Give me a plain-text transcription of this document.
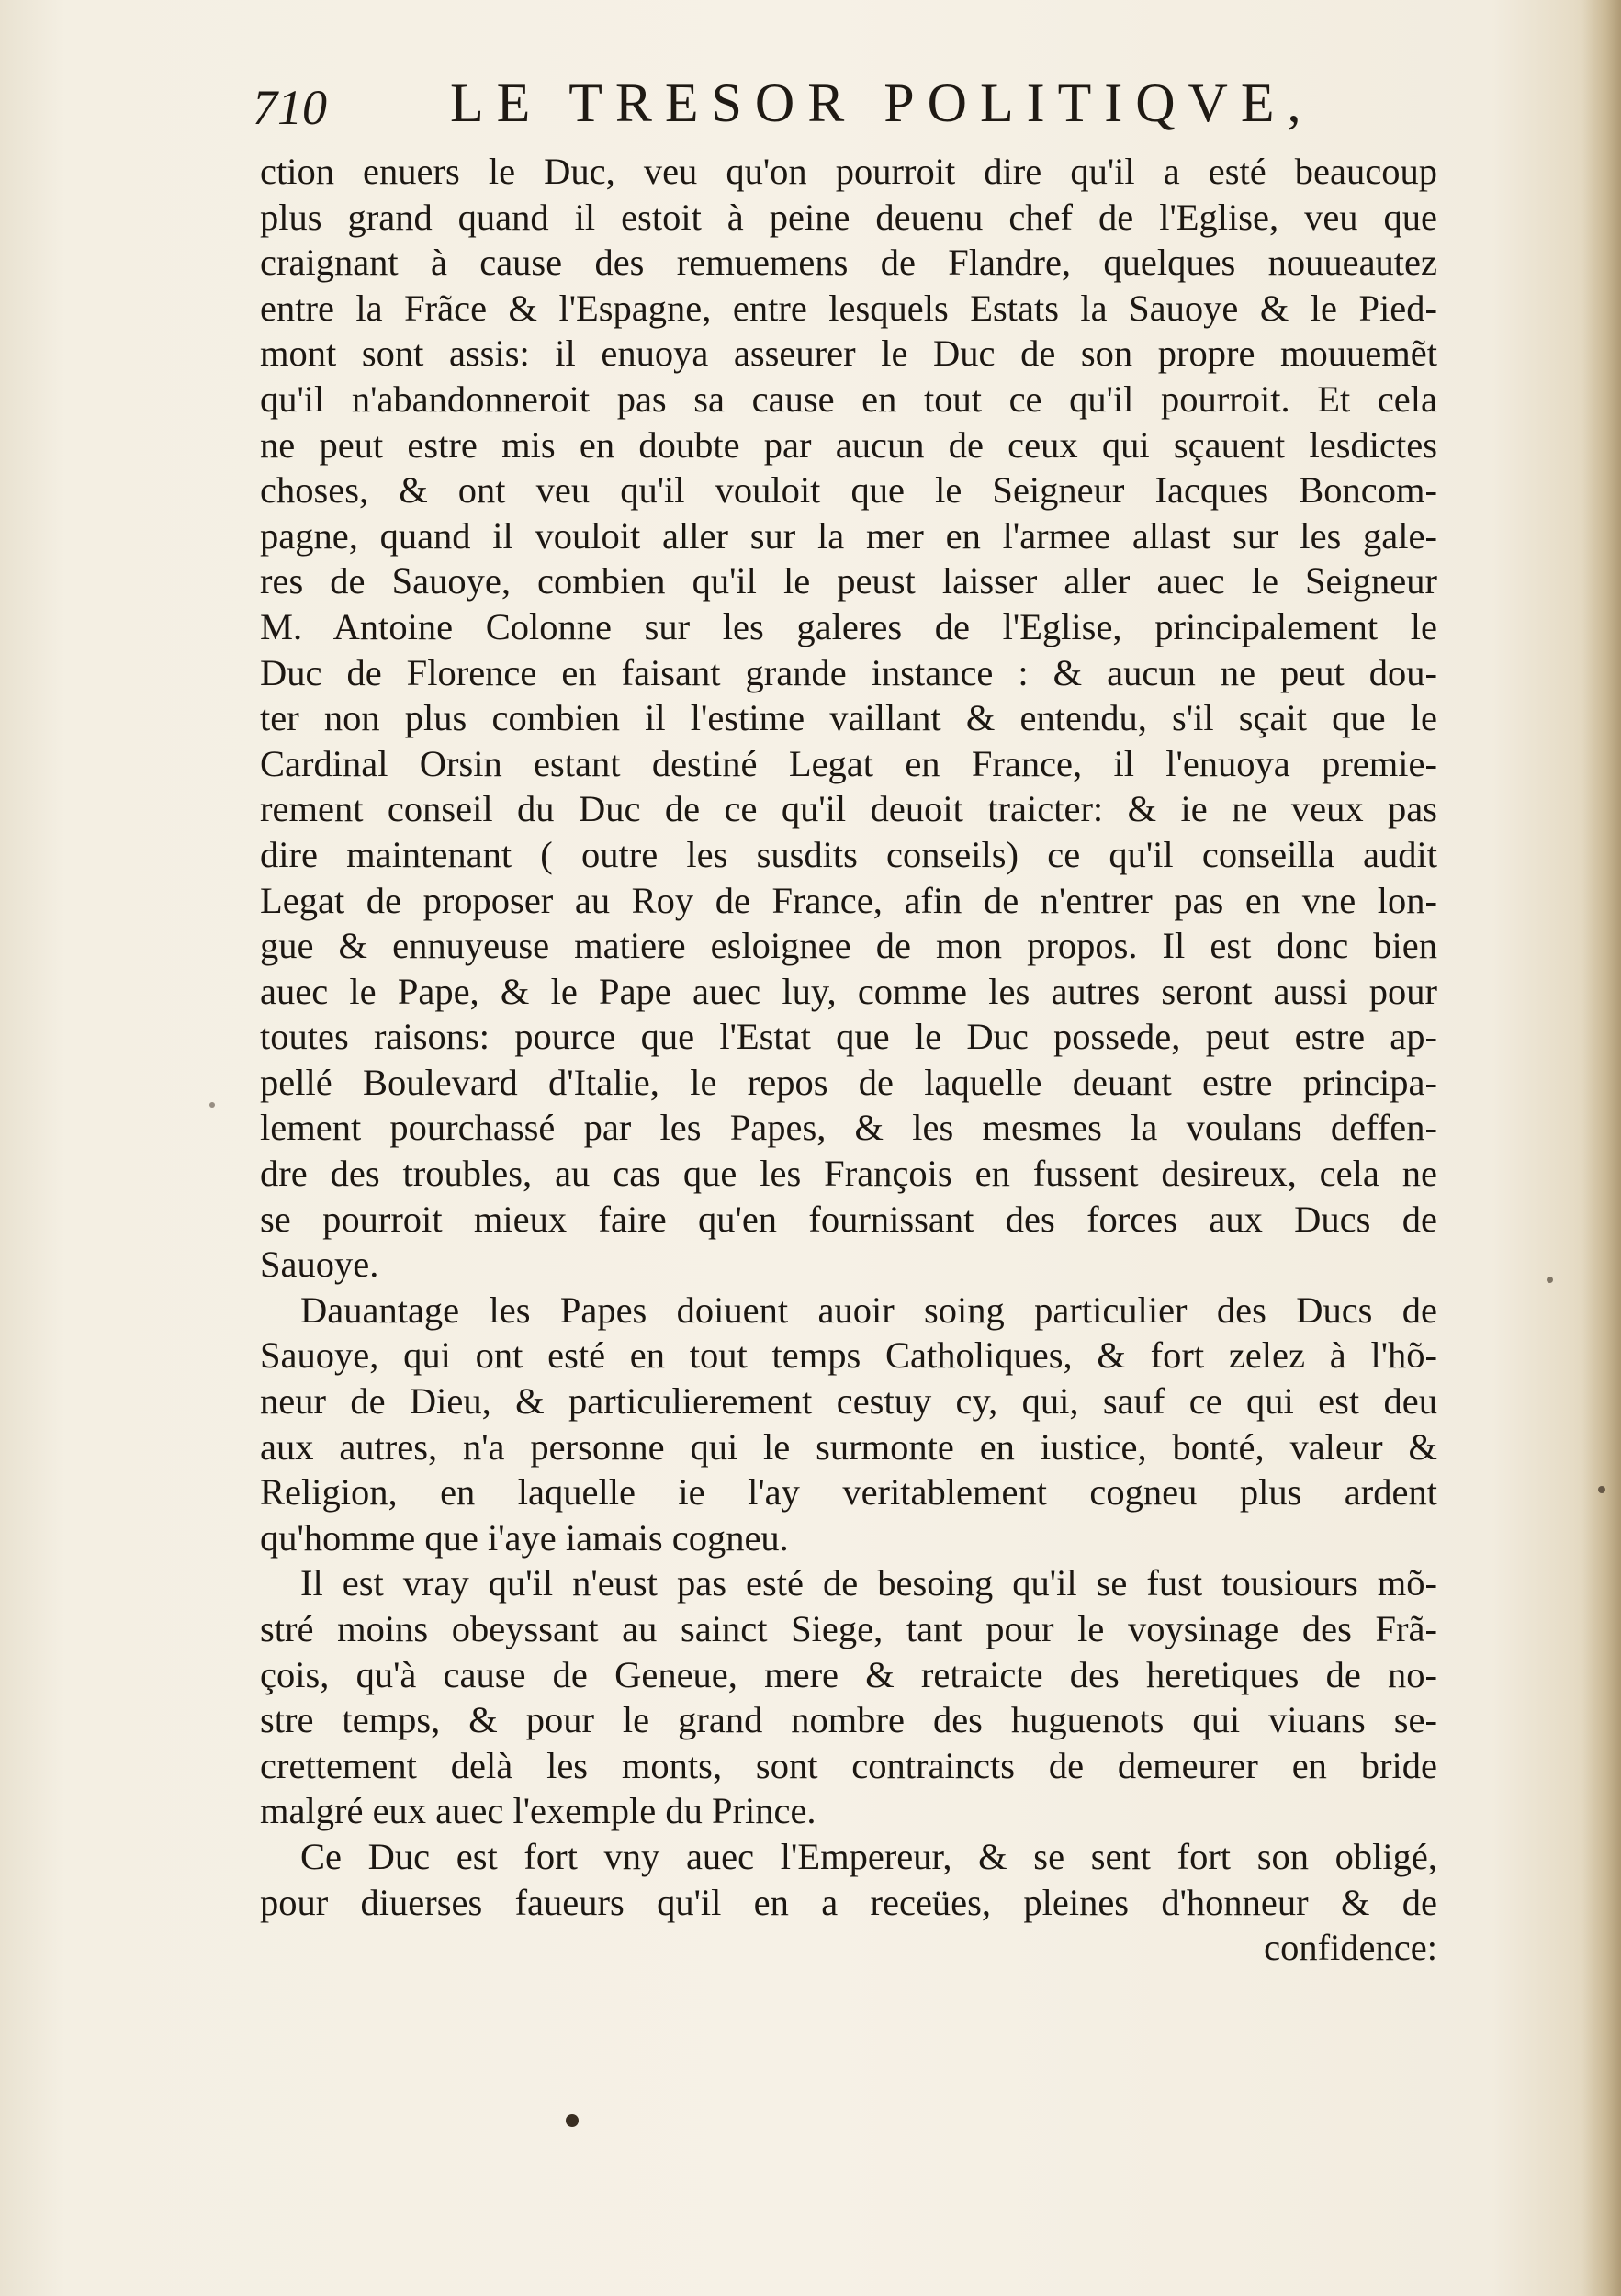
710 LE TRESOR POLITIQVE,
ction enuers le Duc, veu qu'on pourroit dire qu'il a esté beaucoup
plus grand quand il estoit à peine deuenu chef de l'Eglise, veu que
craignant à cause des remuemens de Flandre, quelques nouueautez
entre la Frãce & l'Espagne, entre lesquels Estats la Sauoye & le Pied-
mont sont assis: il enuoya asseurer le Duc de son propre mouuemẽt
qu'il n'abandonneroit pas sa cause en tout ce qu'il pourroit. Et cela
ne peut estre mis en doubte par aucun de ceux qui sçauent lesdictes
choses, & ont veu qu'il vouloit que le Seigneur Iacques Boncom-
pagne, quand il vouloit aller sur la mer en l'armee allast sur les gale-
res de Sauoye, combien qu'il le peust laisser aller auec le Seigneur
M. Antoine Colonne sur les galeres de l'Eglise, principalement le
Duc de Florence en faisant grande instance : & aucun ne peut dou-
ter non plus combien il l'estime vaillant & entendu, s'il sçait que le
Cardinal Orsin estant destiné Legat en France, il l'enuoya premie-
rement conseil du Duc de ce qu'il deuoit traicter: & ie ne veux pas
dire maintenant ( outre les susdits conseils) ce qu'il conseilla audit
Legat de proposer au Roy de France, afin de n'entrer pas en vne lon-
gue & ennuyeuse matiere esloignee de mon propos. Il est donc bien
auec le Pape, & le Pape auec luy, comme les autres seront aussi pour
toutes raisons: pource que l'Estat que le Duc possede, peut estre ap-
pellé Boulevard d'Italie, le repos de laquelle deuant estre principa-
lement pourchassé par les Papes, & les mesmes la voulans deffen-
dre des troubles, au cas que les François en fussent desireux, cela ne
se pourroit mieux faire qu'en fournissant des forces aux Ducs de
Sauoye.
Dauantage les Papes doiuent auoir soing particulier des Ducs de
Sauoye, qui ont esté en tout temps Catholiques, & fort zelez à l'hõ-
neur de Dieu, & particulierement cestuy cy, qui, sauf ce qui est deu
aux autres, n'a personne qui le surmonte en iustice, bonté, valeur &
Religion, en laquelle ie l'ay veritablement cogneu plus ardent
qu'homme que i'aye iamais cogneu.
Il est vray qu'il n'eust pas esté de besoing qu'il se fust tousiours mõ-
stré moins obeyssant au sainct Siege, tant pour le voysinage des Frã-
çois, qu'à cause de Geneue, mere & retraicte des heretiques de no-
stre temps, & pour le grand nombre des huguenots qui viuans se-
crettement delà les monts, sont contraincts de demeurer en bride
malgré eux auec l'exemple du Prince.
Ce Duc est fort vny auec l'Empereur, & se sent fort son obligé,
pour diuerses faueurs qu'il en a receües, pleines d'honneur & de
confidence:
